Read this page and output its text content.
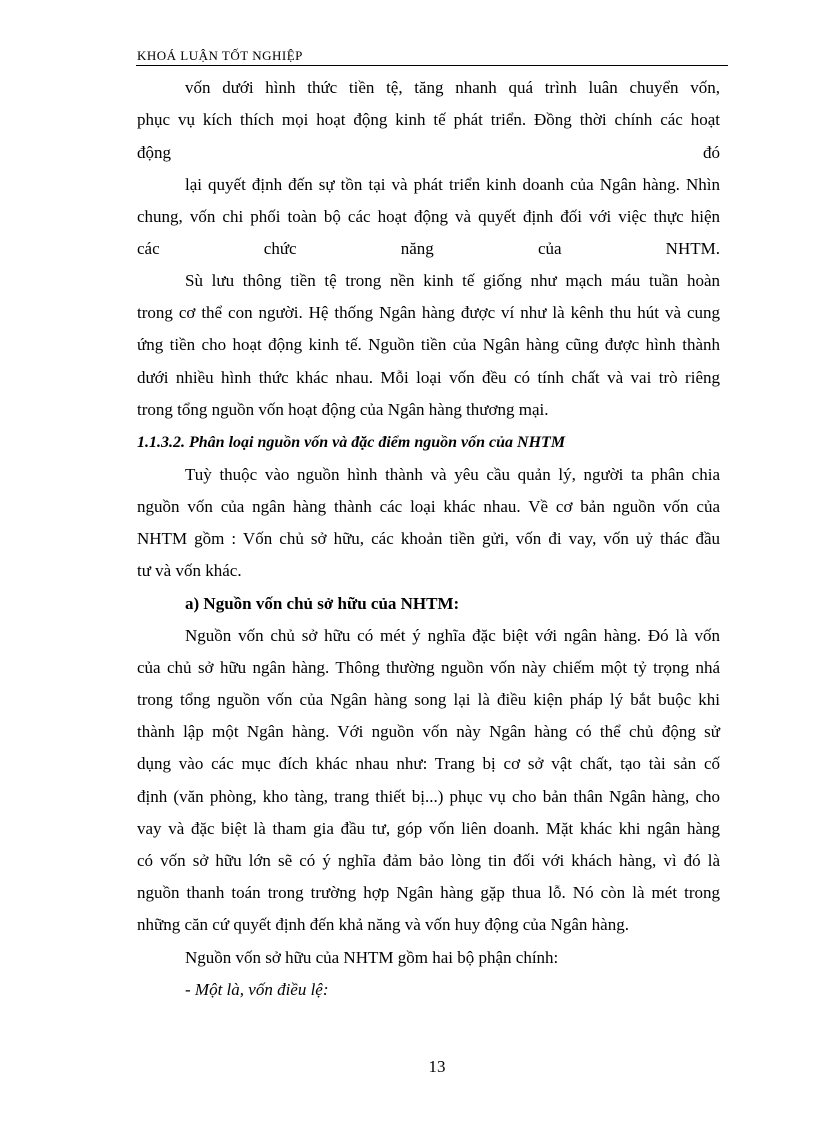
KHOÁ LUẬN TỐT NGHIỆP
vốn dưới hình thức tiền tệ, tăng nhanh quá trình luân chuyển vốn,
phục vụ kích thích mọi hoạt động kinh tế phát triển. Đồng thời chính các hoạt
động đó
lại quyết định đến sự tồn tại và phát triển kinh doanh của Ngân hàng. Nhìn
chung, vốn chi phối toàn bộ các hoạt động và quyết định đối với việc thực hiện
các chức năng của NHTM.
Sù lưu thông tiền tệ trong nền kinh tế giống như mạch máu tuần hoàn
trong cơ thể con người. Hệ thống Ngân hàng được ví như là kênh thu hút và cung
ứng tiền cho hoạt động kinh tế. Nguồn tiền của Ngân hàng cũng được hình thành
dưới nhiều hình thức khác nhau. Mỗi loại vốn đều có tính chất và vai trò riêng
trong tổng nguồn vốn hoạt động của Ngân hàng thương mại.
1.1.3.2. Phân loại nguồn vốn và đặc điểm nguồn vốn của NHTM
Tuỳ thuộc vào nguồn hình thành và yêu cầu quản lý, người ta phân chia
nguồn vốn của ngân hàng thành các loại khác nhau. Về cơ bản nguồn vốn của
NHTM gồm : Vốn chủ sở hữu, các khoản tiền gửi, vốn đi vay, vốn uỷ thác đầu
tư và vốn khác.
a) Nguồn vốn chủ sở hữu của NHTM:
Nguồn vốn chủ sở hữu có mét ý nghĩa đặc biệt với ngân hàng. Đó là vốn
của chủ sở hữu ngân hàng. Thông thường nguồn vốn này chiếm một tỷ trọng nhá
trong tổng nguồn vốn của Ngân hàng song lại là điều kiện pháp lý bắt buộc khi
thành lập một Ngân hàng. Với nguồn vốn này Ngân hàng có thể chủ động sử
dụng vào các mục đích khác nhau như: Trang bị cơ sở vật chất, tạo tài sản cố
định (văn phòng, kho tàng, trang thiết bị...) phục vụ cho bản thân Ngân hàng, cho
vay và đặc biệt là tham gia đầu tư, góp vốn liên doanh. Mặt khác khi ngân hàng
có vốn sở hữu lớn sẽ có ý nghĩa đảm bảo lòng tin đối với khách hàng, vì đó là
nguồn thanh toán trong trường hợp Ngân hàng gặp thua lỗ. Nó còn là mét trong
những căn cứ quyết định đến khả năng và vốn huy động của Ngân hàng.
Nguồn vốn sở hữu của NHTM gồm hai bộ phận chính:
- Một là, vốn điều lệ:
13
